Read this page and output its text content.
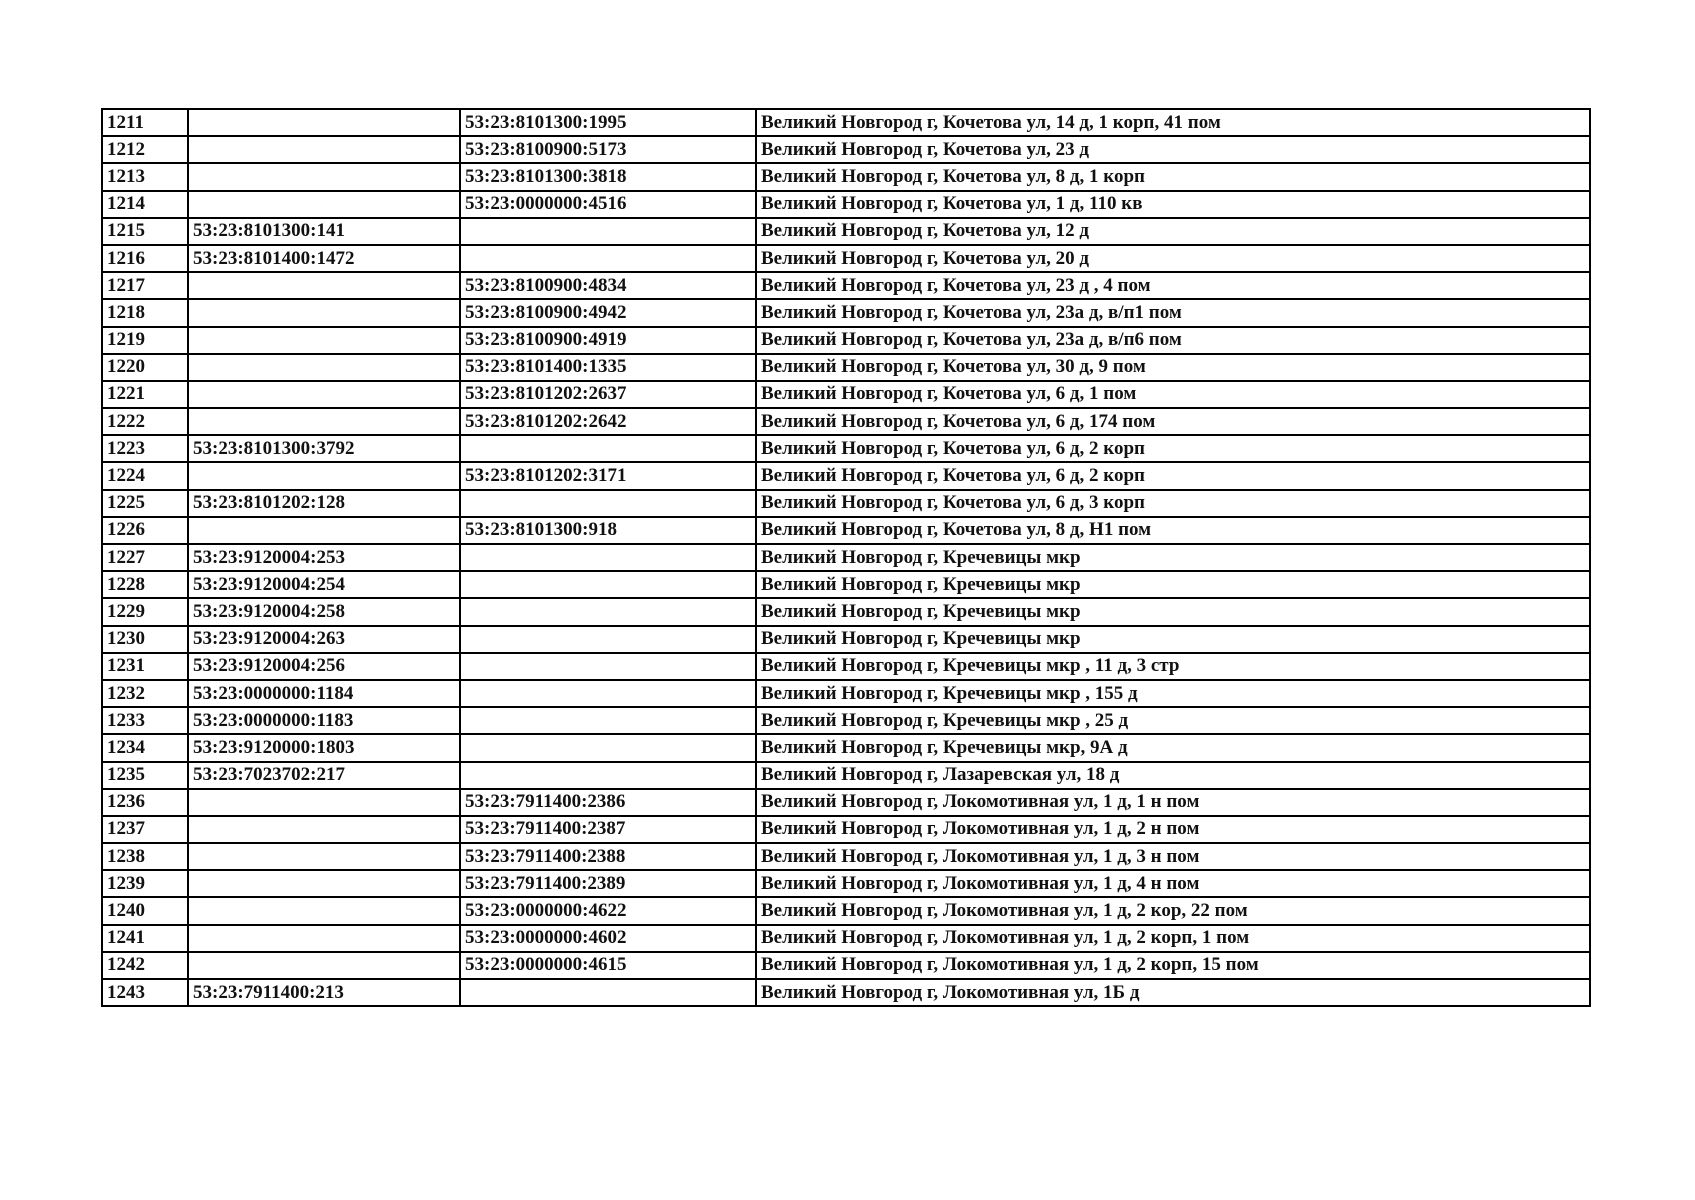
1211		53:23:8101300:1995	Великий Новгород г, Кочетова ул, 14 д, 1 корп, 41 пом
1212		53:23:8100900:5173	Великий Новгород г, Кочетова ул, 23 д
1213		53:23:8101300:3818	Великий Новгород г, Кочетова ул, 8 д, 1 корп
1214		53:23:0000000:4516	Великий Новгород г, Кочетова ул, 1 д, 110 кв
1215	53:23:8101300:141		Великий Новгород г, Кочетова ул, 12 д
1216	53:23:8101400:1472		Великий Новгород г, Кочетова ул, 20 д
1217		53:23:8100900:4834	Великий Новгород г, Кочетова ул, 23 д , 4 пом
1218		53:23:8100900:4942	Великий Новгород г, Кочетова ул, 23а д, в/п1 пом
1219		53:23:8100900:4919	Великий Новгород г, Кочетова ул, 23а д, в/п6 пом
1220		53:23:8101400:1335	Великий Новгород г, Кочетова ул, 30 д, 9 пом
1221		53:23:8101202:2637	Великий Новгород г, Кочетова ул, 6 д, 1 пом
1222		53:23:8101202:2642	Великий Новгород г, Кочетова ул, 6 д, 174 пом
1223	53:23:8101300:3792		Великий Новгород г, Кочетова ул, 6 д, 2 корп
1224		53:23:8101202:3171	Великий Новгород г, Кочетова ул, 6 д, 2 корп
1225	53:23:8101202:128		Великий Новгород г, Кочетова ул, 6 д, 3 корп
1226		53:23:8101300:918	Великий Новгород г, Кочетова ул, 8 д, Н1 пом
1227	53:23:9120004:253		Великий Новгород г, Кречевицы мкр
1228	53:23:9120004:254		Великий Новгород г, Кречевицы мкр
1229	53:23:9120004:258		Великий Новгород г, Кречевицы мкр
1230	53:23:9120004:263		Великий Новгород г, Кречевицы мкр
1231	53:23:9120004:256		Великий Новгород г, Кречевицы мкр , 11 д, 3 стр
1232	53:23:0000000:1184		Великий Новгород г, Кречевицы мкр , 155 д
1233	53:23:0000000:1183		Великий Новгород г, Кречевицы мкр , 25 д
1234	53:23:9120000:1803		Великий Новгород г, Кречевицы мкр, 9А д
1235	53:23:7023702:217		Великий Новгород г, Лазаревская ул, 18 д
1236		53:23:7911400:2386	Великий Новгород г, Локомотивная ул, 1 д, 1 н пом
1237		53:23:7911400:2387	Великий Новгород г, Локомотивная ул, 1 д, 2 н пом
1238		53:23:7911400:2388	Великий Новгород г, Локомотивная ул, 1 д, 3 н пом
1239		53:23:7911400:2389	Великий Новгород г, Локомотивная ул, 1 д, 4 н пом
1240		53:23:0000000:4622	Великий Новгород г, Локомотивная ул, 1 д, 2 кор, 22 пом
1241		53:23:0000000:4602	Великий Новгород г, Локомотивная ул, 1 д, 2 корп, 1 пом
1242		53:23:0000000:4615	Великий Новгород г, Локомотивная ул, 1 д, 2 корп, 15 пом
1243	53:23:7911400:213		Великий Новгород г, Локомотивная ул, 1Б д
